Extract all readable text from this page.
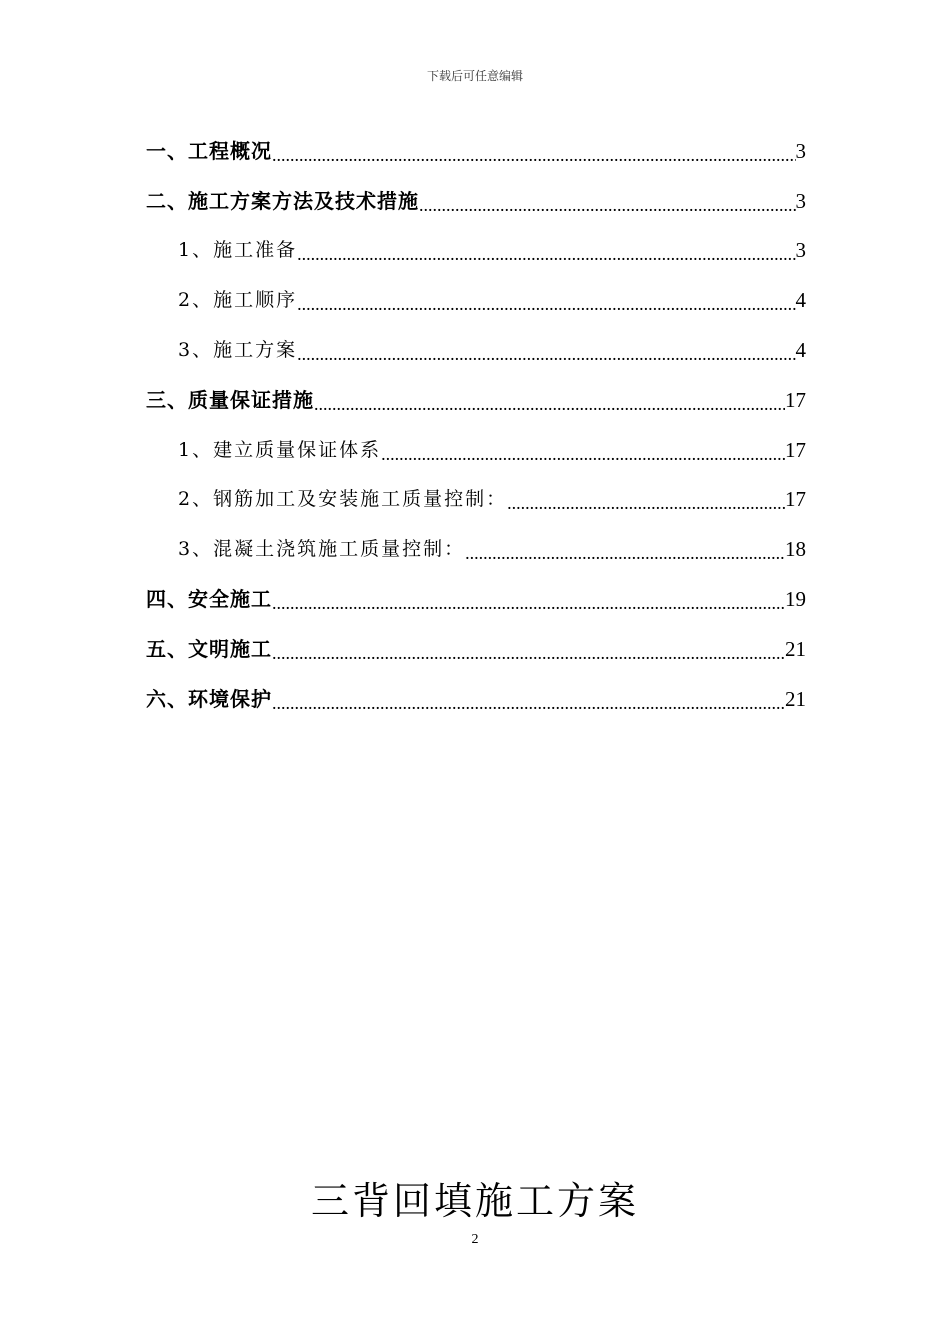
下载后可任意编辑
一、工程概况 .....	3
二、施工方案方法及技术措施 .....	3
1、施工准备 .....	3
2、施工顺序 .....	4
3、施工方案 .....	4
三、质量保证措施 .....	17
1、建立质量保证体系 .....	17
2、钢筋加工及安装施工质量控制： .....	17
3、混凝土浇筑施工质量控制： .....	18
四、安全施工 .....	19
五、文明施工 .....	21
六、环境保护 .....	21
三背回填施工方案
2
